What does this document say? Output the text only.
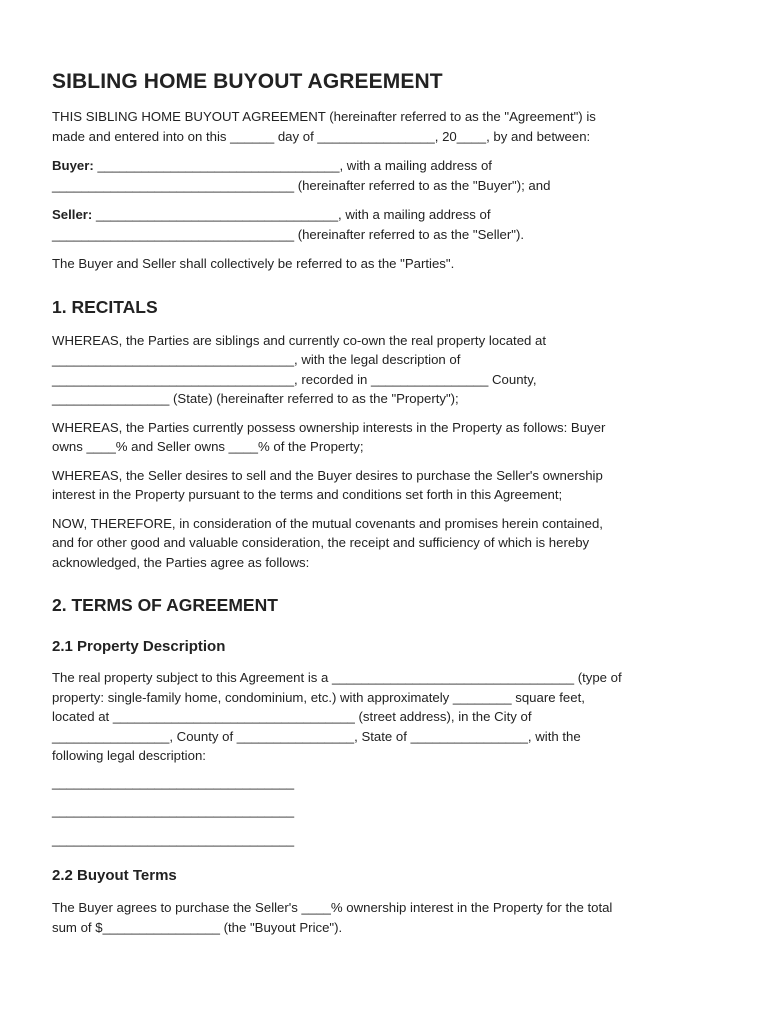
SIBLING HOME BUYOUT AGREEMENT

THIS SIBLING HOME BUYOUT AGREEMENT (hereinafter referred to as the "Agreement") is
made and entered into on this ______ day of ________________, 20____, by and between:

Buyer: _________________________________, with a mailing address of
_________________________________ (hereinafter referred to as the "Buyer"); and

Seller: _________________________________, with a mailing address of
_________________________________ (hereinafter referred to as the "Seller").

The Buyer and Seller shall collectively be referred to as the "Parties".

1. RECITALS

WHEREAS, the Parties are siblings and currently co-own the real property located at
_________________________________, with the legal description of
_________________________________, recorded in ________________ County,
________________ (State) (hereinafter referred to as the "Property");

WHEREAS, the Parties currently possess ownership interests in the Property as follows: Buyer
owns ____% and Seller owns ____% of the Property;

WHEREAS, the Seller desires to sell and the Buyer desires to purchase the Seller's ownership
interest in the Property pursuant to the terms and conditions set forth in this Agreement;

NOW, THEREFORE, in consideration of the mutual covenants and promises herein contained,
and for other good and valuable consideration, the receipt and sufficiency of which is hereby
acknowledged, the Parties agree as follows:

2. TERMS OF AGREEMENT
2.1 Property Description

The real property subject to this Agreement is a _________________________________ (type of
property: single-family home, condominium, etc.) with approximately ________ square feet,
located at _________________________________ (street address), in the City of
________________, County of ________________, State of ________________, with the
following legal description:

_________________________________
_________________________________
_________________________________
2.2 Buyout Terms

The Buyer agrees to purchase the Seller's ____% ownership interest in the Property for the total
sum of $________________ (the "Buyout Price").
